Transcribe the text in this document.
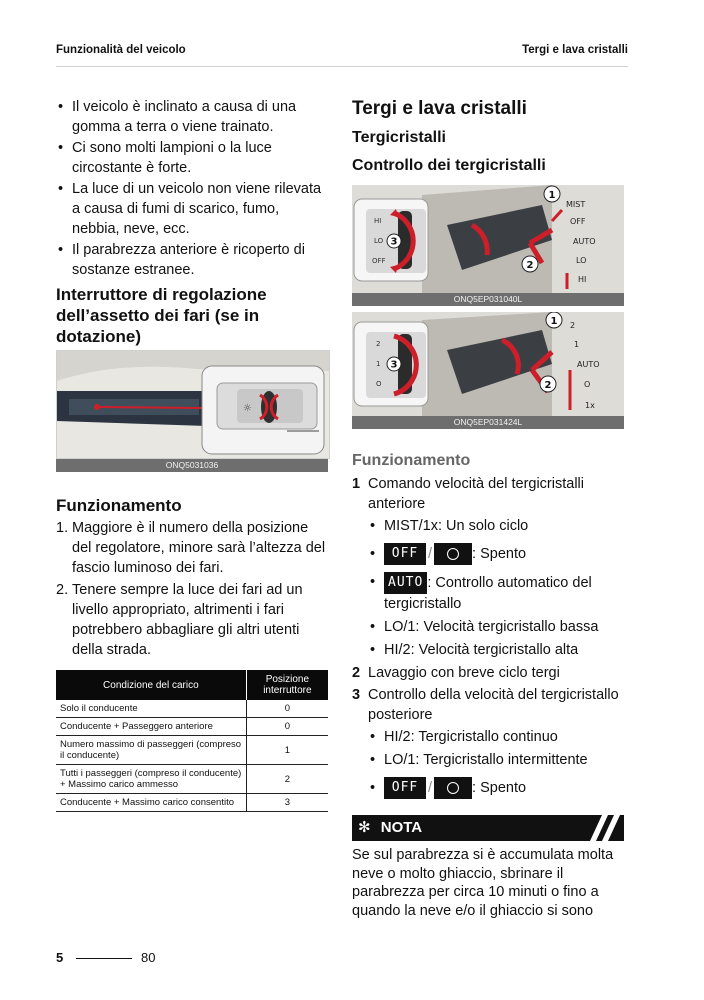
Funzionalità del veicolo	Tergi e lava cristalli
• Il veicolo è inclinato a causa di una gomma a terra o viene trainato.
• Ci sono molti lampioni o la luce circostante è forte.
• La luce di un veicolo non viene rilevata a causa di fumi di scarico, fumo, nebbia, neve, ecc.
• Il parabrezza anteriore è ricoperto di sostanze estranee.
Interruttore di regolazione dell’assetto dei fari (se in dotazione)
☼
ONQ5031036
Funzionamento
1. Maggiore è il numero della posizione del regolatore, minore sarà l’altezza del fascio luminoso dei fari.
2. Tenere sempre la luce dei fari ad un livello appropriato, altrimenti i fari potrebbero abbagliare gli altri utenti della strada.
Condizione del carico	Posizione interruttore
Solo il conducente	0
Conducente + Passeggero anteriore	0
Numero massimo di passeggeri (compreso il conducente)	1
Tutti i passeggeri (compreso il conducente) + Massimo carico ammesso	2
Conducente + Massimo carico consentito	3
Tergi e lava cristalli
Tergicristalli
Controllo dei tergicristalli
HI
LO
OFF
3
1
2
MIST
OFF
AUTO
LO
HI
ONQ5EP031040L
2
1
O
3
1
2
2
1
AUTO
O
1x
ONQ5EP031424L
Funzionamento
1 Comando velocità del tergicristalli anteriore
• MIST/1x: Un solo ciclo
• OFF /	: Spento
• AUTO : Controllo automatico del tergicristallo
• LO/1: Velocità tergicristallo bassa
• HI/2: Velocità tergicristallo alta
2 Lavaggio con breve ciclo tergi
3 Controllo della velocità del tergicristallo posteriore
• HI/2: Tergicristallo continuo
• LO/1: Tergicristallo intermittente
• OFF /	: Spento
✻ NOTA
Se sul parabrezza si è accumulata molta neve o molto ghiaccio, sbrinare il parabrezza per circa 10 minuti o fino a quando la neve e/o il ghiaccio si sono
5	80
